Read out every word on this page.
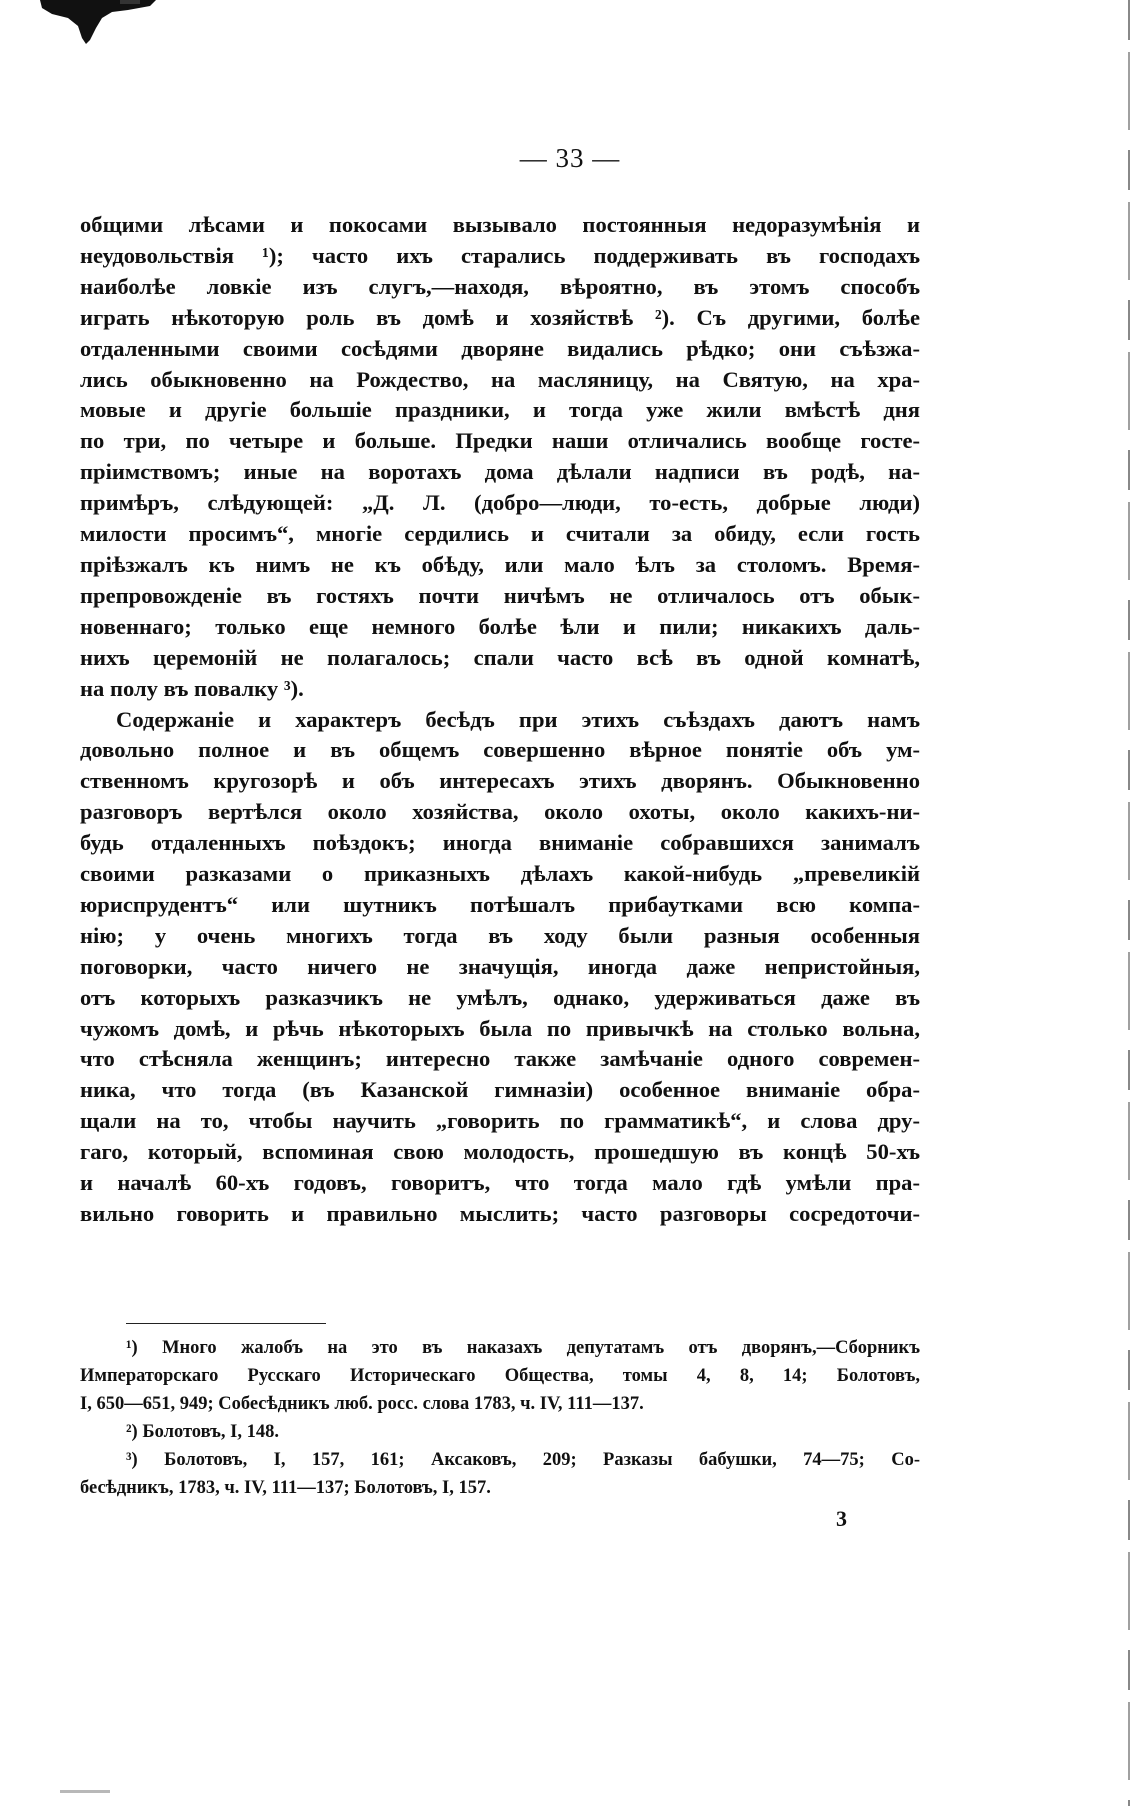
— 33 —
общими лѣсами и покосами вызывало постоянныя недоразумѣнія и
неудовольствія ¹); часто ихъ старались поддерживать въ господахъ
наиболѣе ловкіе изъ слугъ,—находя, вѣроятно, въ этомъ способъ
играть нѣкоторую роль въ домѣ и хозяйствѣ ²). Съ другими, болѣе
отдаленными своими сосѣдями дворяне видались рѣдко; они съѣзжа-
лись обыкновенно на Рождество, на масляницу, на Святую, на хра-
мовые и другіе большіе праздники, и тогда уже жили вмѣстѣ дня
по три, по четыре и больше. Предки наши отличались вообще госте-
пріимствомъ; иные на воротахъ дома дѣлали надписи въ родѣ, на-
примѣръ, слѣдующей: „Д. Л. (добро—люди, то-есть, добрые люди)
милости просимъ“, многіе сердились и считали за обиду, если гость
пріѣзжалъ къ нимъ не къ обѣду, или мало ѣлъ за столомъ. Время-
препровожденіе въ гостяхъ почти ничѣмъ не отличалось отъ обык-
новеннаго; только еще немного болѣе ѣли и пили; никакихъ даль-
нихъ церемоній не полагалось; спали часто всѣ въ одной комнатѣ,
на полу въ повалку ³).
Содержаніе и характеръ бесѣдъ при этихъ съѣздахъ даютъ намъ
довольно полное и въ общемъ совершенно вѣрное понятіе объ ум-
ственномъ кругозорѣ и объ интересахъ этихъ дворянъ. Обыкновенно
разговоръ вертѣлся около хозяйства, около охоты, около какихъ-ни-
будь отдаленныхъ поѣздокъ; иногда вниманіе собравшихся занималъ
своими разказами о приказныхъ дѣлахъ какой-нибудь „превеликій
юриспрудентъ“ или шутникъ потѣшалъ прибаутками всю компа-
нію; у очень многихъ тогда въ ходу были разныя особенныя
поговорки, часто ничего не значущія, иногда даже непристойныя,
отъ которыхъ разказчикъ не умѣлъ, однако, удерживаться даже въ
чужомъ домѣ, и рѣчь нѣкоторыхъ была по привычкѣ на столько вольна,
что стѣсняла женщинъ; интересно также замѣчаніе одного современ-
ника, что тогда (въ Казанской гимназіи) особенное вниманіе обра-
щали на то, чтобы научить „говорить по грамматикѣ“, и слова дру-
гаго, который, вспоминая свою молодость, прошедшую въ концѣ 50-хъ
и началѣ 60-хъ годовъ, говоритъ, что тогда мало гдѣ умѣли пра-
вильно говорить и правильно мыслить; часто разговоры сосредоточи-
¹) Много жалобъ на это въ наказахъ депутатамъ отъ дворянъ,—Сборникъ
Императорскаго Русскаго Историческаго Общества, томы 4, 8, 14; Болотовъ,
I, 650—651, 949; Собесѣдникъ люб. росс. слова 1783, ч. IV, 111—137.
²) Болотовъ, I, 148.
³) Болотовъ, I, 157, 161; Аксаковъ, 209; Разказы бабушки, 74—75; Со-
бесѣдникъ, 1783, ч. IV, 111—137; Болотовъ, I, 157.
3
